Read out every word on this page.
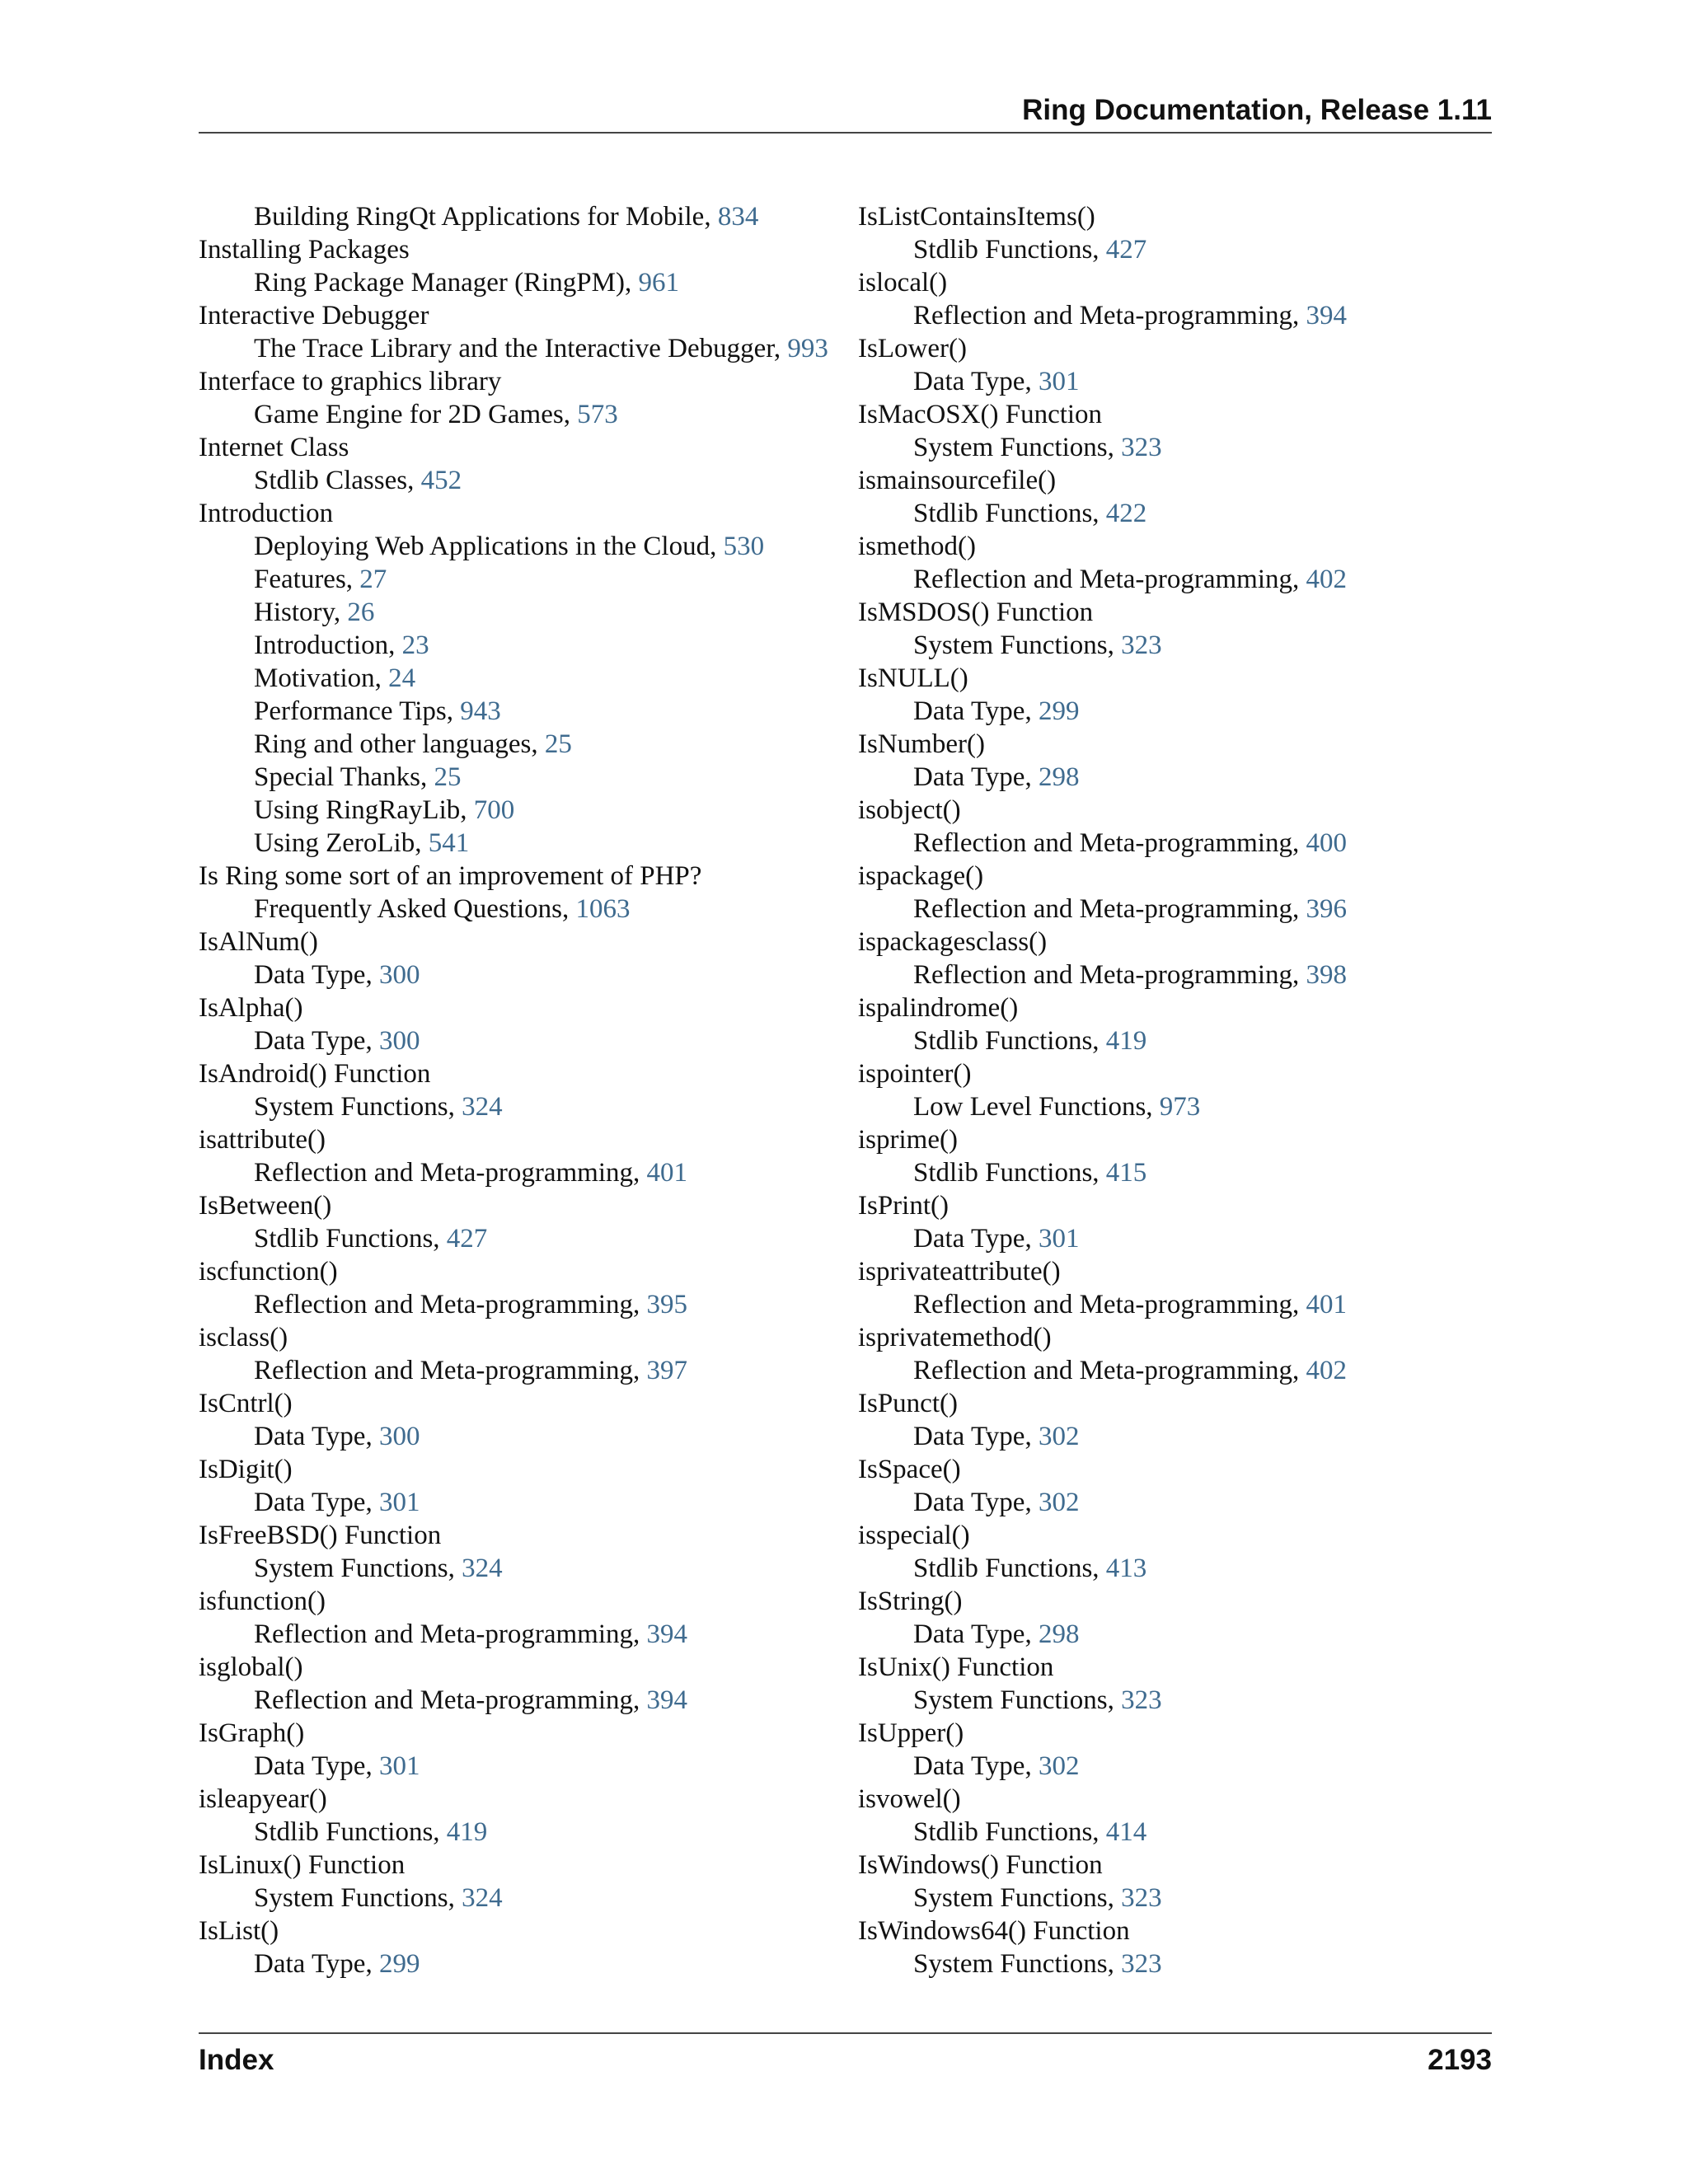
Ring Documentation, Release 1.11
Building RingQt Applications for Mobile, 834
Installing Packages
Ring Package Manager (RingPM), 961
Interactive Debugger
The Trace Library and the Interactive Debugger, 993
Interface to graphics library
Game Engine for 2D Games, 573
Internet Class
Stdlib Classes, 452
Introduction
Deploying Web Applications in the Cloud, 530
Features, 27
History, 26
Introduction, 23
Motivation, 24
Performance Tips, 943
Ring and other languages, 25
Special Thanks, 25
Using RingRayLib, 700
Using ZeroLib, 541
Is Ring some sort of an improvement of PHP?
Frequently Asked Questions, 1063
IsAlNum()
Data Type, 300
IsAlpha()
Data Type, 300
IsAndroid() Function
System Functions, 324
isattribute()
Reflection and Meta-programming, 401
IsBetween()
Stdlib Functions, 427
iscfunction()
Reflection and Meta-programming, 395
isclass()
Reflection and Meta-programming, 397
IsCntrl()
Data Type, 300
IsDigit()
Data Type, 301
IsFreeBSD() Function
System Functions, 324
isfunction()
Reflection and Meta-programming, 394
isglobal()
Reflection and Meta-programming, 394
IsGraph()
Data Type, 301
isleapyear()
Stdlib Functions, 419
IsLinux() Function
System Functions, 324
IsList()
Data Type, 299
IsListContainsItems()
Stdlib Functions, 427
islocal()
Reflection and Meta-programming, 394
IsLower()
Data Type, 301
IsMacOSX() Function
System Functions, 323
ismainsourcefile()
Stdlib Functions, 422
ismethod()
Reflection and Meta-programming, 402
IsMSDOS() Function
System Functions, 323
IsNULL()
Data Type, 299
IsNumber()
Data Type, 298
isobject()
Reflection and Meta-programming, 400
ispackage()
Reflection and Meta-programming, 396
ispackagesclass()
Reflection and Meta-programming, 398
ispalindrome()
Stdlib Functions, 419
ispointer()
Low Level Functions, 973
isprime()
Stdlib Functions, 415
IsPrint()
Data Type, 301
isprivateattribute()
Reflection and Meta-programming, 401
isprivatemethod()
Reflection and Meta-programming, 402
IsPunct()
Data Type, 302
IsSpace()
Data Type, 302
isspecial()
Stdlib Functions, 413
IsString()
Data Type, 298
IsUnix() Function
System Functions, 323
IsUpper()
Data Type, 302
isvowel()
Stdlib Functions, 414
IsWindows() Function
System Functions, 323
IsWindows64() Function
System Functions, 323
Index	2193
